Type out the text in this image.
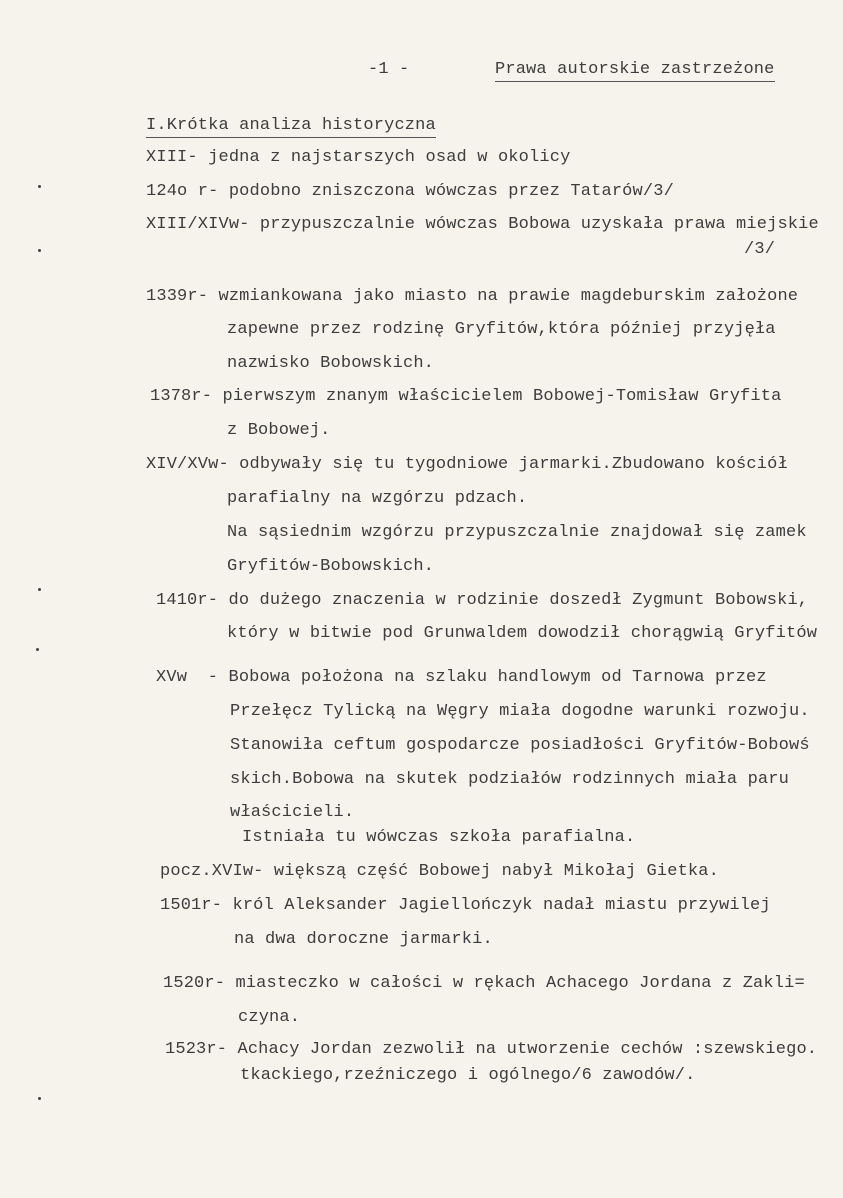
-1 -	Prawa autorskie zastrzeżone
I.Krótka analiza historyczna
XIII- jedna z najstarszych osad w okolicy
124o r- podobno zniszczona wówczas przez Tatarów/3/
XIII/XIVw- przypuszczalnie wówczas Bobowa uzyskała prawa miejskie
/3/
1339r- wzmiankowana jako miasto na prawie magdeburskim założone
zapewne przez rodzinę Gryfitów,która później przyjęła
nazwisko Bobowskich.
1378r- pierwszym znanym właścicielem Bobowej-Tomisław Gryfita
z Bobowej.
XIV/XVw- odbywały się tu tygodniowe jarmarki.Zbudowano kościół
parafialny na wzgórzu pdzach.
Na sąsiednim wzgórzu przypuszczalnie znajdował się zamek
Gryfitów-Bobowskich.
1410r- do dużego znaczenia w rodzinie doszedł Zygmunt Bobowski,
który w bitwie pod Grunwaldem dowodził chorągwią Gryfitów
XVw  - Bobowa położona na szlaku handlowym od Tarnowa przez
Przełęcz Tylicką na Węgry miała dogodne warunki rozwoju.
Stanowiła ceftum gospodarcze posiadłości Gryfitów-Bobowś
skich.Bobowa na skutek podziałów rodzinnych miała paru
właścicieli.
Istniała tu wówczas szkoła parafialna.
pocz.XVIw- większą część Bobowej nabył Mikołaj Gietka.
1501r- król Aleksander Jagiellończyk nadał miastu przywilej
na dwa doroczne jarmarki.
1520r- miasteczko w całości w rękach Achacego Jordana z Zakli=
czyna.
1523r- Achacy Jordan zezwolił na utworzenie cechów :szewskiego.
tkackiego,rzeźniczego i ogólnego/6 zawodów/.
